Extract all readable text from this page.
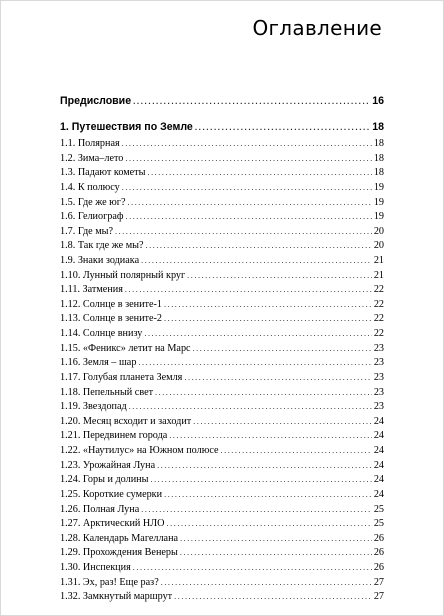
Оглавление
Предисловие .....	16
1. Путешествия по Земле .....	18
1.1. Полярная .....	18
1.2. Зима–лето .....	18
1.3. Падают кометы .....	18
1.4. К полюсу .....	19
1.5. Где же юг? .....	19
1.6. Гелиограф .....	19
1.7. Где мы? .....	20
1.8. Так где же мы? .....	20
1.9. Знаки зодиака .....	21
1.10. Лунный полярный круг .....	21
1.11. Затмения .....	22
1.12. Солнце в зените-1 .....	22
1.13. Солнце в зените-2 .....	22
1.14. Солнце внизу .....	22
1.15. «Феникс» летит на Марс .....	23
1.16. Земля – шар .....	23
1.17. Голубая планета Земля .....	23
1.18. Пепельный свет .....	23
1.19. Звездопад .....	23
1.20. Месяц всходит и заходит .....	24
1.21. Передвинем города .....	24
1.22. «Наутилус» на Южном полюсе .....	24
1.23. Урожайная Луна .....	24
1.24. Горы и долины .....	24
1.25. Короткие сумерки .....	24
1.26. Полная Луна .....	25
1.27. Арктический НЛО .....	25
1.28. Календарь Магеллана .....	26
1.29. Прохождения Венеры .....	26
1.30. Инспекция .....	26
1.31. Эх, раз! Еще раз? .....	27
1.32. Замкнутый маршрут .....	27
